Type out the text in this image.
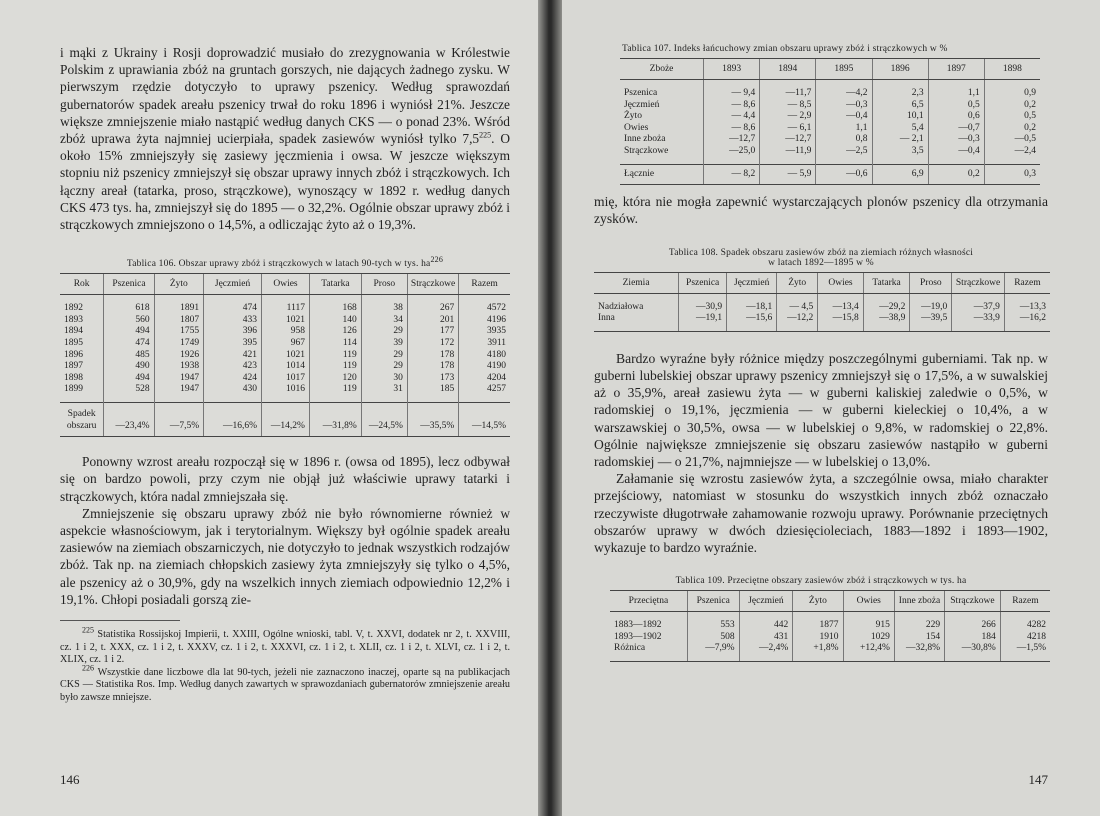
i mąki z Ukrainy i Rosji doprowadzić musiało do zrezygnowania w Królestwie Polskim z uprawiania zbóż na gruntach gorszych, nie dających żadnego zysku. W pierwszym rzędzie dotyczyło to uprawy pszenicy. Według sprawozdań gubernatorów spadek areału pszenicy trwał do roku 1896 i wyniósł 21%. Jeszcze większe zmniejszenie miało nastąpić według danych CKS — o ponad 23%. Wśród zbóż uprawa żyta najmniej ucierpiała, spadek zasiewów wyniósł tylko $7,5^{225}$. O około 15% zmniejszyły się zasiewy jęczmienia i owsa. W jeszcze większym stopniu niż pszenicy zmniejszył się obszar uprawy innych zbóż i strączkowych. Ich łączny areał (tatarka, proso, strączkowe), wynoszący w 1892 r. według danych CKS 473 tys. ha, zmniejszył się do 1895 — o 32,2%. Ogólnie obszar uprawy zbóż i strączkowych zmniejszono o 14,5%, a odliczając żyto aż o 19,3%.

Tablica 106. Obszar uprawy zbóż i strączkowych w latach 90-tych w tys. $ha^{226}$

Rok	Pszenica	Żyto	Jęczmień	Owies	Tatarka	Proso	Strączkowe	Razem
1892	618	1891	474	1117	168	38	267	4572
1893	560	1807	433	1021	140	34	201	4196
1894	494	1755	396	958	126	29	177	3935
1895	474	1749	395	967	114	39	172	3911
1896	485	1926	421	1021	119	29	178	4180
1897	490	1938	423	1014	119	29	178	4190
1898	494	1947	424	1017	120	30	173	4204
1899	528	1947	430	1016	119	31	185	4257

Spadek
obszaru	—23,4%	—7,5%	—16,6%	—14,2%	—31,8%	—24,5%	—35,5%	—14,5%

Ponowny wzrost areału rozpoczął się w 1896 r. (owsa od 1895), lecz odbywał się on bardzo powoli, przy czym nie objął już właściwie uprawy tatarki i strączkowych, która nadal zmniejszała się.

Zmniejszenie się obszaru uprawy zbóż nie było równomierne również w aspekcie własnościowym, jak i terytorialnym. Większy był ogólnie spadek areału zasiewów na ziemiach obszarniczych, nie dotyczyło to jednak wszystkich rodzajów zbóż. Tak np. na ziemiach chłopskich zasiewy żyta zmniejszyły się tylko o 4,5%, ale pszenicy aż o 30,9%, gdy na wszelkich innych ziemiach odpowiednio 12,2% i 19,1%. Chłopi posiadali gorszą zie-

$^{225}$ Statistika Rossijskoj Impierii, t. XXIII, Ogólne wnioski, tabl. V, t. XXVI, dodatek nr 2, t. XXVIII, cz. 1 i 2, t. XXX, cz. 1 i 2, t. XXXV, cz. 1 i 2, t. XXXVI, cz. 1 i 2, t. XLII, cz. 1 i 2, t. XLVI, cz. 1 i 2, t. XLIX, cz. 1 i 2.

$^{226}$ Wszystkie dane liczbowe dla lat 90-tych, jeżeli nie zaznaczono inaczej, oparte są na publikacjach CKS — Statistika Ros. Imp. Według danych zawartych w sprawozdaniach gubernatorów zmniejszenie areału było zawsze mniejsze.

146

Tablica 107. Indeks łańcuchowy zmian obszaru uprawy zbóż i strączkowych w %

Zboże	1893	1894	1895	1896	1897	1898
Pszenica	— 9,4	—11,7	—4,2	2,3	1,1	0,9
Jęczmień	— 8,6	— 8,5	—0,3	6,5	0,5	0,2
Żyto	— 4,4	— 2,9	—0,4	10,1	0,6	0,5
Owies	— 8,6	— 6,1	1,1	5,4	—0,7	0,2
Inne zboża	—12,7	—12,7	0,8	— 2,1	—0,3	—0,5
Strączkowe	—25,0	—11,9	—2,5	3,5	—0,4	—2,4
Łącznie	— 8,2	— 5,9	—0,6	6,9	0,2	0,3

mię, która nie mogła zapewnić wystarczających plonów pszenicy dla otrzymania zysków.

Tablica 108. Spadek obszaru zasiewów zbóż na ziemiach różnych własności

w latach 1892—1895 w %

Ziemia	Pszenica	Jęczmień	Żyto	Owies	Tatarka	Proso	Strączkowe	Razem
Nadziałowa	—30,9	—18,1	— 4,5	—13,4	—29,2	—19,0	—37,9	—13,3
Inna	—19,1	—15,6	—12,2	—15,8	—38,9	—39,5	—33,9	—16,2

Bardzo wyraźne były różnice między poszczególnymi guberniami. Tak np. w guberni lubelskiej obszar uprawy pszenicy zmniejszył się o 17,5%, a w suwalskiej aż o 35,9%, areał zasiewu żyta — w guberni kaliskiej zaledwie o 0,5%, w radomskiej o 19,1%, jęczmienia — w guberni kieleckiej o 10,4%, a w warszawskiej o 30,5%, owsa — w lubelskiej o 9,8%, w radomskiej o 22,8%. Ogólnie największe zmniejszenie się obszaru zasiewów nastąpiło w guberni radomskiej — o 21,7%, najmniejsze — w lubelskiej o 13,0%.

Załamanie się wzrostu zasiewów żyta, a szczególnie owsa, miało charakter przejściowy, natomiast w stosunku do wszystkich innych zbóż oznaczało rzeczywiste długotrwałe zahamowanie rozwoju uprawy. Porównanie przeciętnych obszarów uprawy w dwóch dziesięcioleciach, 1883—1892 i 1893—1902, wykazuje to bardzo wyraźnie.

Tablica 109. Przeciętne obszary zasiewów zbóż i strączkowych w tys. ha

Przeciętna	Pszenica	Jęczmień	Żyto	Owies	Inne zboża	Strączkowe	Razem
1883—1892	553	442	1877	915	229	266	4282
1893—1902	508	431	1910	1029	154	184	4218
Różnica	—7,9%	—2,4%	+1,8%	+12,4%	—32,8%	—30,8%	—1,5%
147
